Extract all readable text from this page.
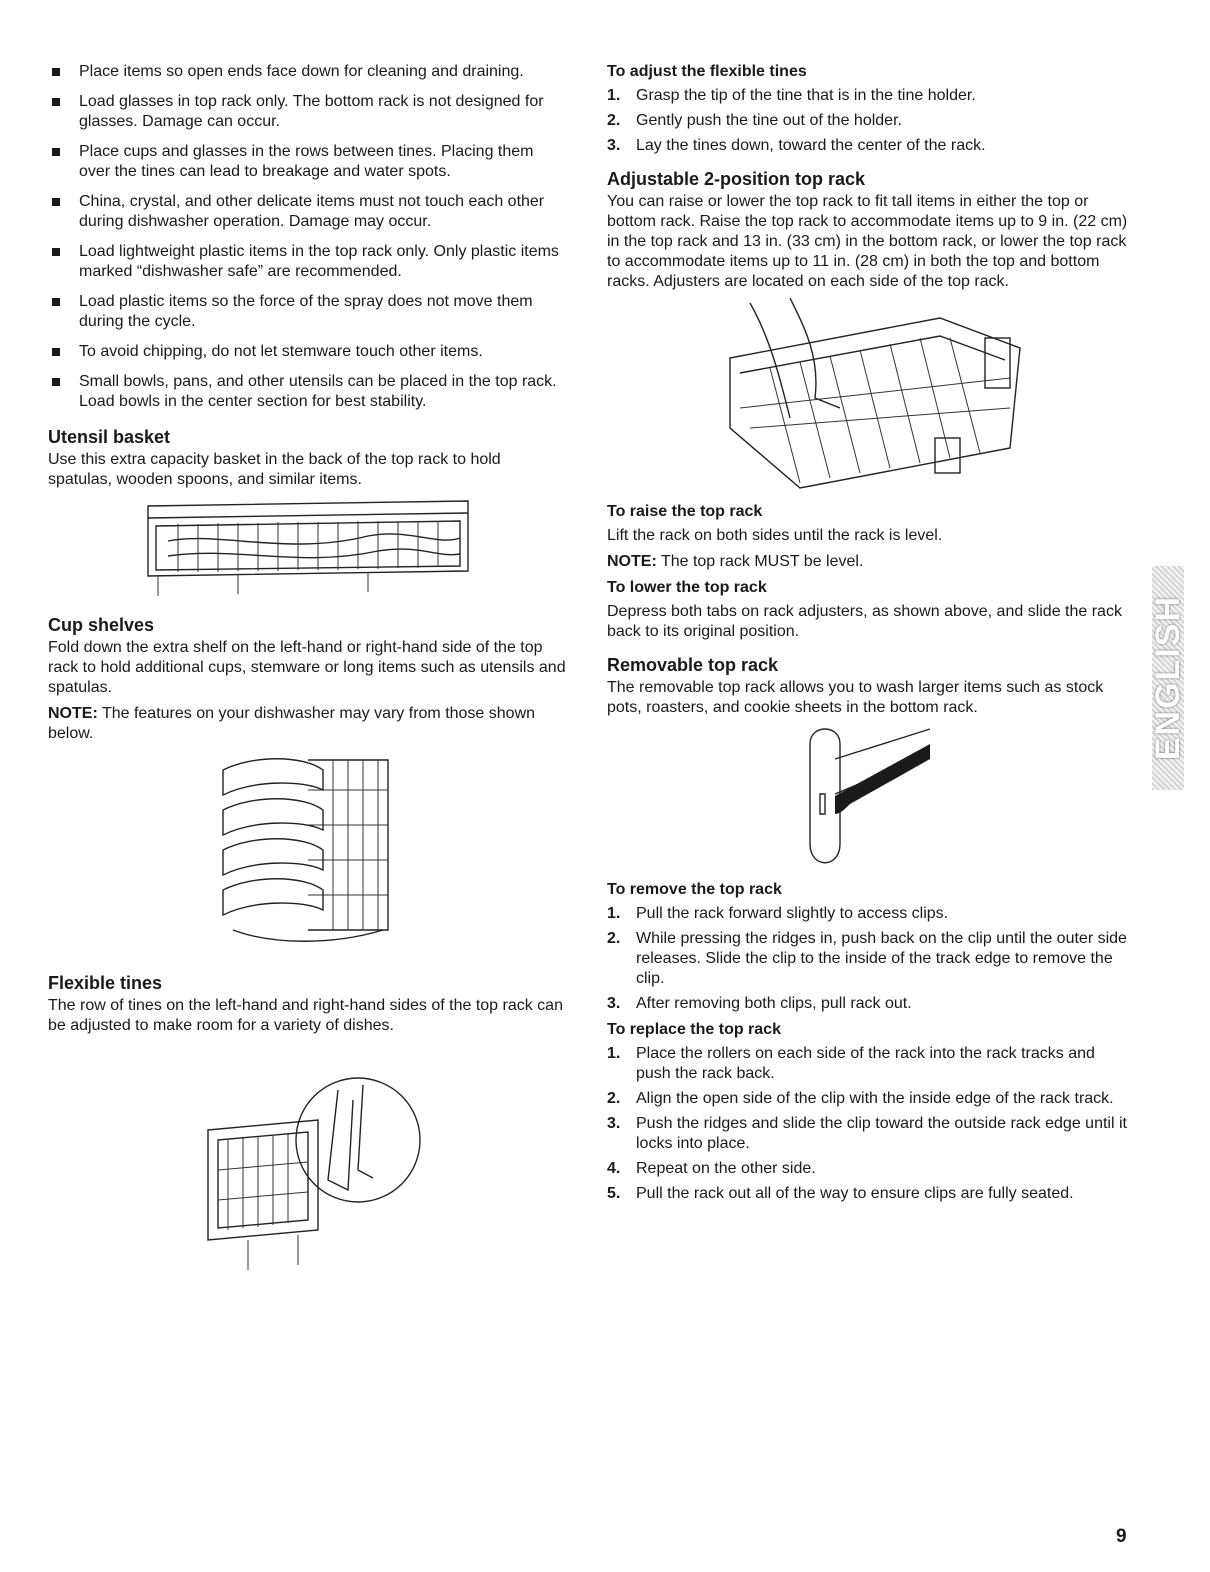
Place items so open ends face down for cleaning and draining.
Load glasses in top rack only. The bottom rack is not designed for glasses. Damage can occur.
Place cups and glasses in the rows between tines. Placing them over the tines can lead to breakage and water spots.
China, crystal, and other delicate items must not touch each other during dishwasher operation. Damage may occur.
Load lightweight plastic items in the top rack only. Only plastic items marked “dishwasher safe” are recommended.
Load plastic items so the force of the spray does not move them during the cycle.
To avoid chipping, do not let stemware touch other items.
Small bowls, pans, and other utensils can be placed in the top rack. Load bowls in the center section for best stability.
Utensil basket

Use this extra capacity basket in the back of the top rack to hold spatulas, wooden spoons, and similar items.

Cup shelves

Fold down the extra shelf on the left-hand or right-hand side of the top rack to hold additional cups, stemware or long items such as utensils and spatulas.

NOTE: The features on your dishwasher may vary from those shown below.

Flexible tines

The row of tines on the left-hand and right-hand sides of the top rack can be adjusted to make room for a variety of dishes.

To adjust the flexible tines
1. Grasp the tip of the tine that is in the tine holder.
2. Gently push the tine out of the holder.
3. Lay the tines down, toward the center of the rack.
Adjustable 2-position top rack

You can raise or lower the top rack to fit tall items in either the top or bottom rack. Raise the top rack to accommodate items up to 9 in. (22 cm) in the top rack and 13 in. (33 cm) in the bottom rack, or lower the top rack to accommodate items up to 11 in. (28 cm) in both the top and bottom racks. Adjusters are located on each side of the top rack.

To raise the top rack

Lift the rack on both sides until the rack is level.

NOTE: The top rack MUST be level.

To lower the top rack

Depress both tabs on rack adjusters, as shown above, and slide the rack back to its original position.

Removable top rack

The removable top rack allows you to wash larger items such as stock pots, roasters, and cookie sheets in the bottom rack.

To remove the top rack
1. Pull the rack forward slightly to access clips.
2. While pressing the ridges in, push back on the clip until the outer side releases. Slide the clip to the inside of the track edge to remove the clip.
3. After removing both clips, pull rack out.
To replace the top rack
1. Place the rollers on each side of the rack into the rack tracks and push the rack back.
2. Align the open side of the clip with the inside edge of the rack track.
3. Push the ridges and slide the clip toward the outside rack edge until it locks into place.
4. Repeat on the other side.
5. Pull the rack out all of the way to ensure clips are fully seated.
ENGLISH
9
